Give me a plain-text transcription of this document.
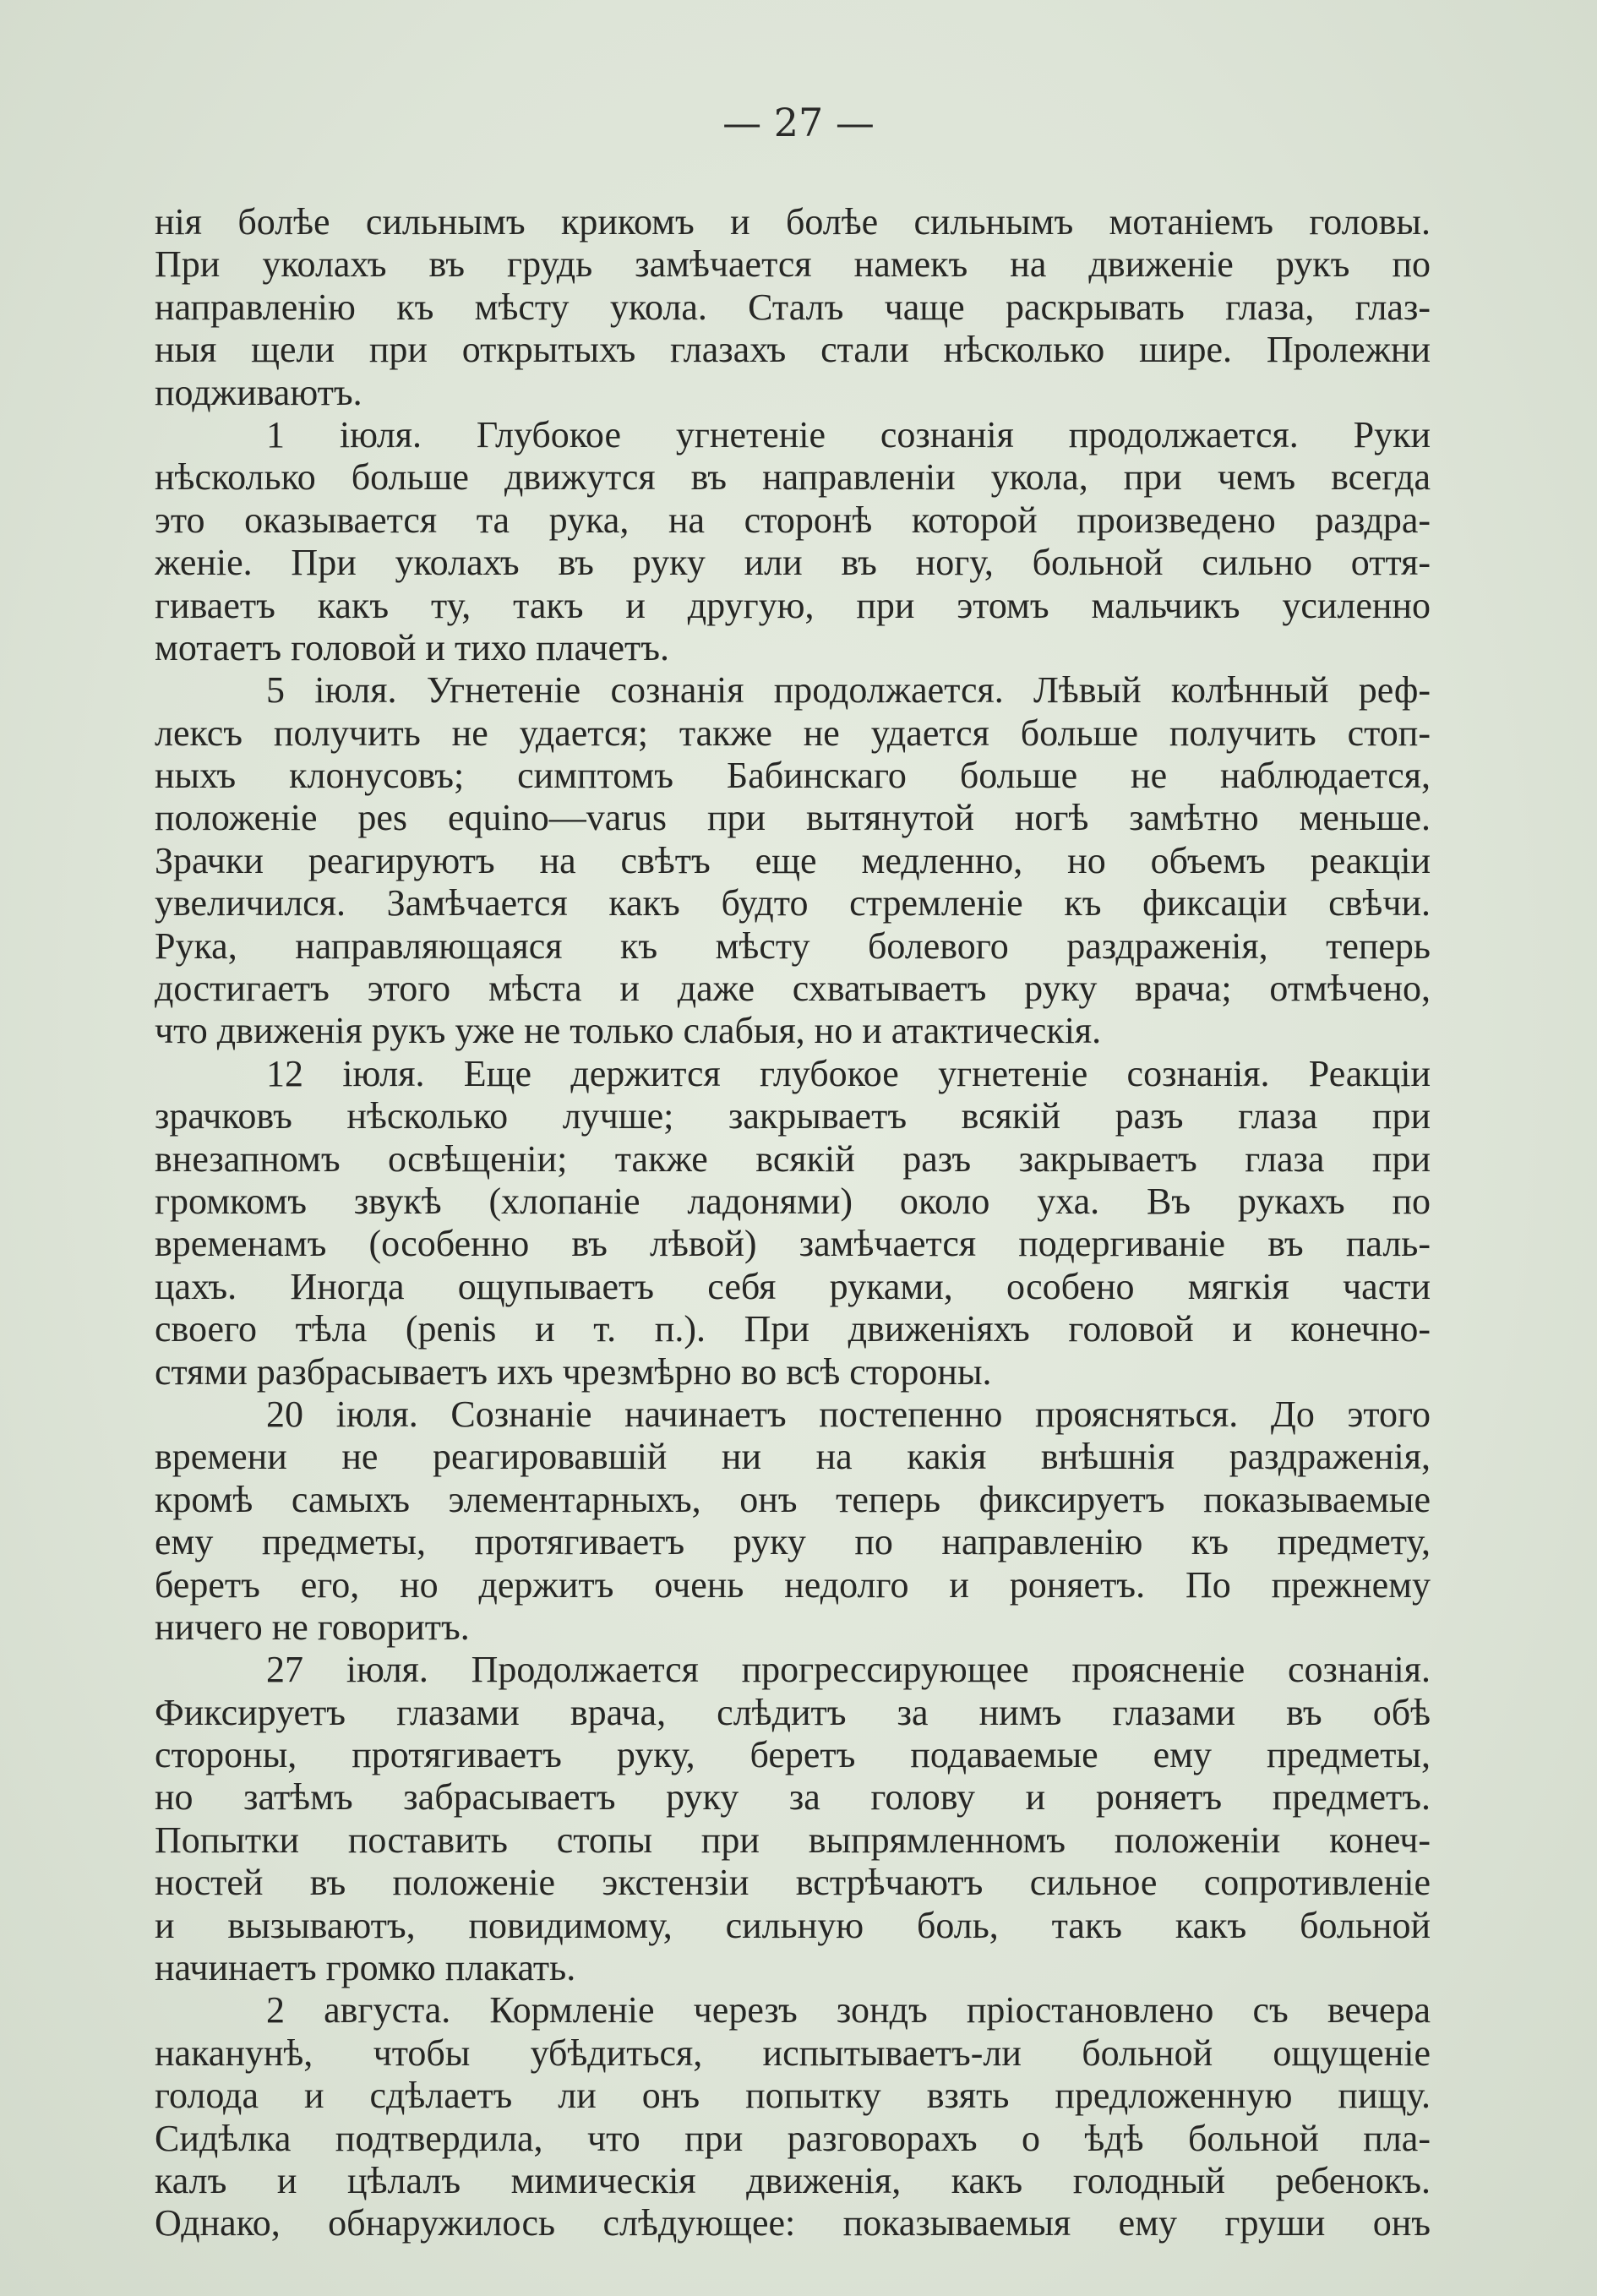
— 27 —
нія болѣе сильнымъ крикомъ и болѣе сильнымъ мотаніемъ головы.
При уколахъ въ грудь замѣчается намекъ на движеніе рукъ по
направленію къ мѣсту укола. Сталъ чаще раскрывать глаза, глаз-
ныя щели при открытыхъ глазахъ стали нѣсколько шире. Пролежни
подживаютъ.
1 іюля. Глубокое угнетеніе сознанія продолжается. Руки
нѣсколько больше движутся въ направленіи укола, при чемъ всегда
это оказывается та рука, на сторонѣ которой произведено раздра-
женіе. При уколахъ въ руку или въ ногу, больной сильно оття-
гиваетъ какъ ту, такъ и другую, при этомъ мальчикъ усиленно
мотаетъ головой и тихо плачетъ.
5 іюля. Угнетеніе сознанія продолжается. Лѣвый колѣнный реф-
лексъ получить не удается; также не удается больше получить стоп-
ныхъ клонусовъ; симптомъ Бабинскаго больше не наблюдается,
положеніе pes equino—varus при вытянутой ногѣ замѣтно меньше.
Зрачки реагируютъ на свѣтъ еще медленно, но объемъ реакціи
увеличился. Замѣчается какъ будто стремленіе къ фиксаціи свѣчи.
Рука, направляющаяся къ мѣсту болевого раздраженія, теперь
достигаетъ этого мѣста и даже схватываетъ руку врача; отмѣчено,
что движенія рукъ уже не только слабыя, но и атактическія.
12 іюля. Еще держится глубокое угнетеніе сознанія. Реакціи
зрачковъ нѣсколько лучше; закрываетъ всякій разъ глаза при
внезапномъ освѣщеніи; также всякій разъ закрываетъ глаза при
громкомъ звукѣ (хлопаніе ладонями) около уха. Въ рукахъ по
временамъ (особенно въ лѣвой) замѣчается подергиваніе въ паль-
цахъ. Иногда ощупываетъ себя руками, особено мягкія части
своего тѣла (penis и т. п.). При движеніяхъ головой и конечно-
стями разбрасываетъ ихъ чрезмѣрно во всѣ стороны.
20 іюля. Сознаніе начинаетъ постепенно проясняться. До этого
времени не реагировавшій ни на какія внѣшнія раздраженія,
кромѣ самыхъ элементарныхъ, онъ теперь фиксируетъ показываемые
ему предметы, протягиваетъ руку по направленію къ предмету,
беретъ его, но держитъ очень недолго и роняетъ. По прежнему
ничего не говоритъ.
27 іюля. Продолжается прогрессирующее проясненіе сознанія.
Фиксируетъ глазами врача, слѣдитъ за нимъ глазами въ обѣ
стороны, протягиваетъ руку, беретъ подаваемые ему предметы,
но затѣмъ забрасываетъ руку за голову и роняетъ предметъ.
Попытки поставить стопы при выпрямленномъ положеніи конеч-
ностей въ положеніе экстензіи встрѣчаютъ сильное сопротивленіе
и вызываютъ, повидимому, сильную боль, такъ какъ больной
начинаетъ громко плакать.
2 августа. Кормленіе черезъ зондъ пріостановлено съ вечера
наканунѣ, чтобы убѣдиться, испытываетъ-ли больной ощущеніе
голода и сдѣлаетъ ли онъ попытку взять предложенную пищу.
Сидѣлка подтвердила, что при разговорахъ о ѣдѣ больной пла-
калъ и цѣлалъ мимическія движенія, какъ голодный ребенокъ.
Однако, обнаружилось слѣдующее: показываемыя ему груши онъ
